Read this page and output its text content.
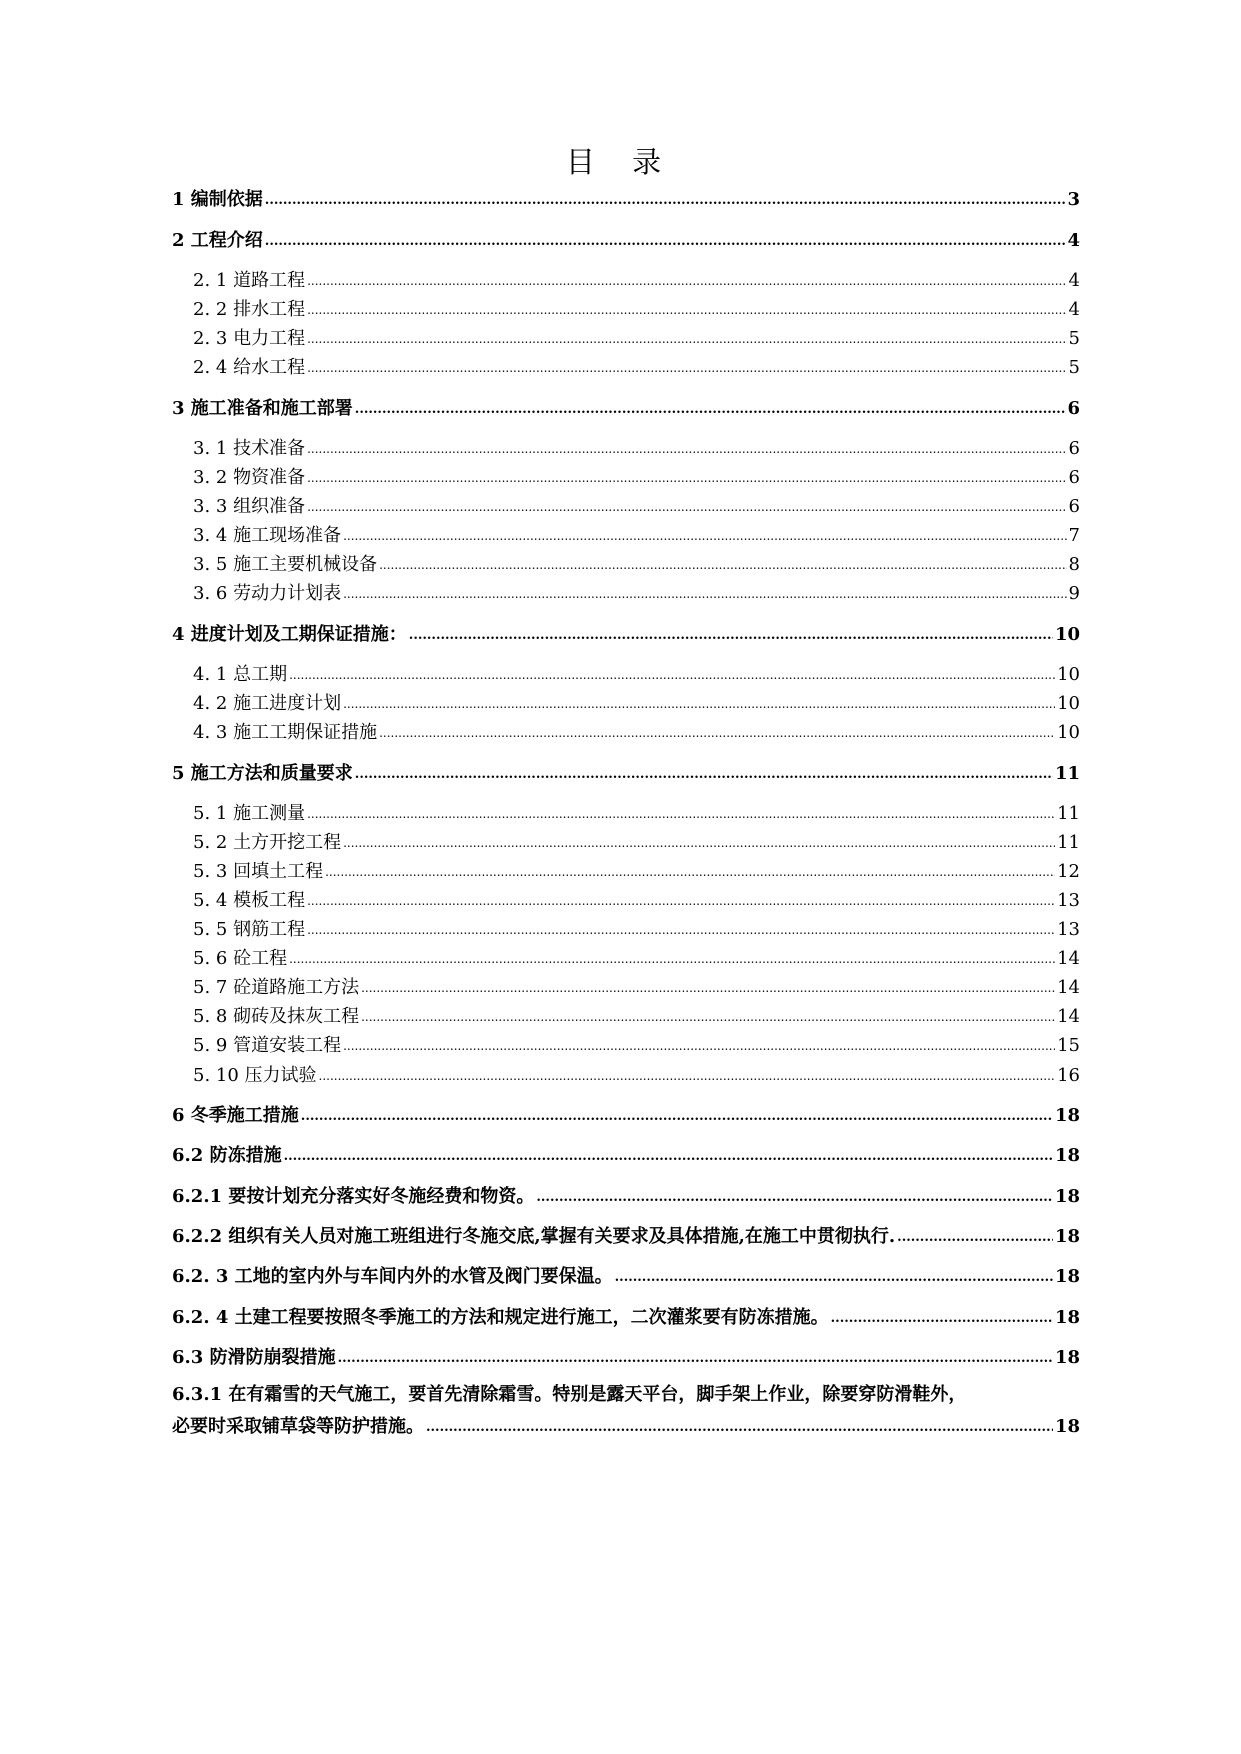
目 录
1 编制依据 .....	3
2 工程介绍 .....	4
2. 1 道路工程 .....	4
2. 2 排水工程 .....	4
2. 3 电力工程 .....	5
2. 4 给水工程 .....	5
3 施工准备和施工部署 .....	6
3. 1 技术准备 .....	6
3. 2 物资准备 .....	6
3. 3 组织准备 .....	6
3. 4 施工现场准备 .....	7
3. 5 施工主要机械设备 .....	8
3. 6 劳动力计划表 .....	9
4 进度计划及工期保证措施： .....	10
4. 1 总工期 .....	10
4. 2 施工进度计划 .....	10
4. 3 施工工期保证措施 .....	10
5 施工方法和质量要求 .....	11
5. 1 施工测量 .....	11
5. 2 土方开挖工程 .....	11
5. 3 回填土工程 .....	12
5. 4 模板工程 .....	13
5. 5 钢筋工程 .....	13
5. 6 砼工程 .....	14
5. 7 砼道路施工方法 .....	14
5. 8 砌砖及抹灰工程 .....	14
5. 9 管道安装工程 .....	15
5. 10 压力试验 .....	16
6 冬季施工措施 .....	18
6.2 防冻措施 .....	18
6.2.1 要按计划充分落实好冬施经费和物资。 .....	18
6.2.2 组织有关人员对施工班组进行冬施交底,掌握有关要求及具体措施,在施工中贯彻执行. .....	18
6.2. 3 工地的室内外与车间内外的水管及阀门要保温。 .....	18
6.2. 4 土建工程要按照冬季施工的方法和规定进行施工，二次灌浆要有防冻措施。 .....	18
6.3 防滑防崩裂措施 .....	18
6.3.1 在有霜雪的天气施工，要首先清除霜雪。特别是露天平台，脚手架上作业，除要穿防滑鞋外，
必要时采取铺草袋等防护措施。 .....	18
